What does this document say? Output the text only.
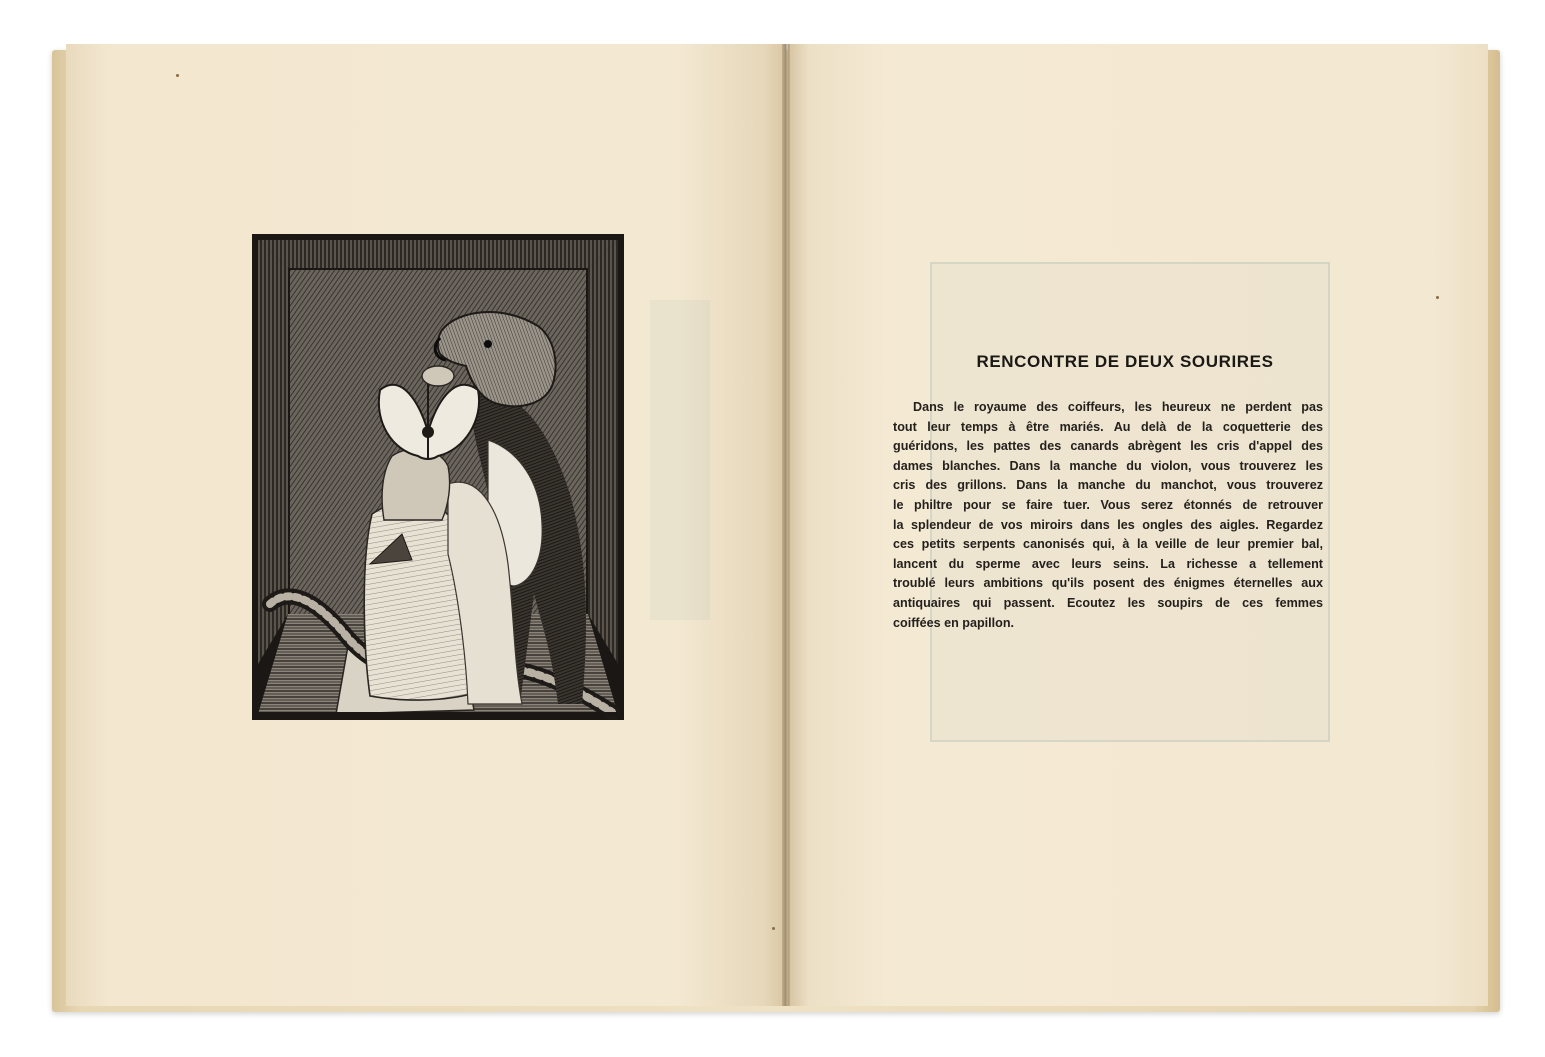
RENCONTRE DE DEUX SOURIRES
Dans le royaume des coiffeurs, les heureux ne perdent pas
tout leur temps à être mariés. Au delà de la coquetterie des
guéridons, les pattes des canards abrègent les cris d'appel des
dames blanches. Dans la manche du violon, vous trouverez les
cris des grillons. Dans la manche du manchot, vous trouverez
le philtre pour se faire tuer. Vous serez étonnés de retrouver
la splendeur de vos miroirs dans les ongles des aigles. Regardez
ces petits serpents canonisés qui, à la veille de leur premier bal,
lancent du sperme avec leurs seins. La richesse a tellement
troublé leurs ambitions qu'ils posent des énigmes éternelles aux
antiquaires qui passent. Ecoutez les soupirs de ces femmes
coiffées en papillon.
